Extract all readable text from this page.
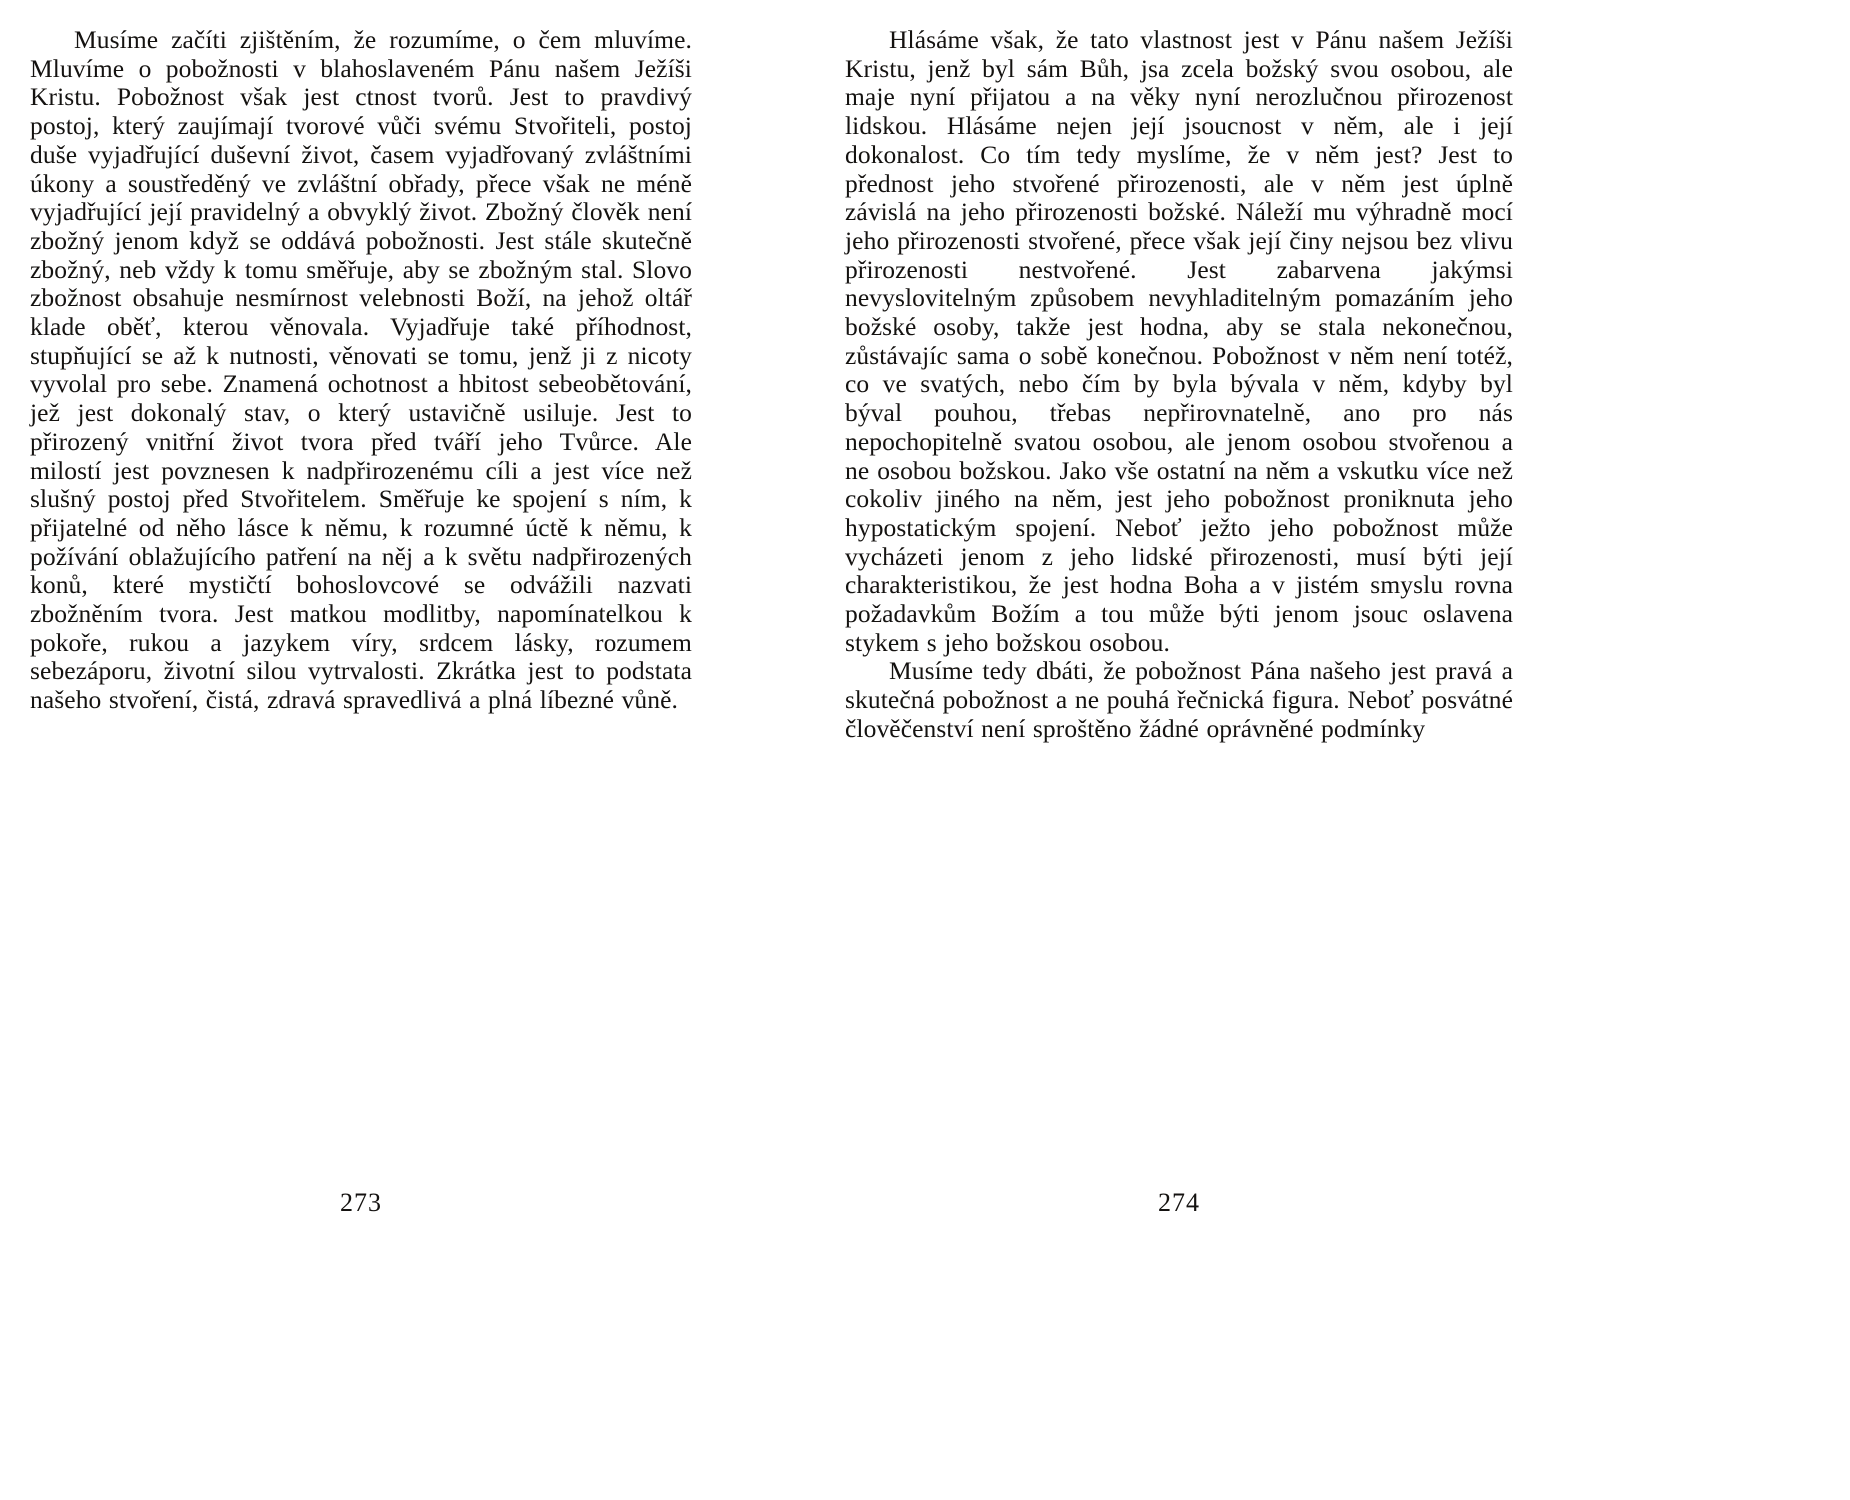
Musíme začíti zjištěním, že rozumíme, o čem mluvíme. Mluvíme o pobožnosti v blahoslaveném Pánu našem Ježíši Kristu. Pobožnost však jest ctnost tvorů. Jest to pravdivý postoj, který zaujímají tvorové vůči svému Stvořiteli, postoj duše vyjadřující duševní život, časem vyjadřovaný zvláštními úkony a soustředěný ve zvláštní obřady, přece však ne méně vyjadřující její pravidelný a obvyklý život. Zbožný člověk není zbožný jenom když se oddává pobožnosti. Jest stále skutečně zbožný, neb vždy k tomu směřuje, aby se zbožným stal. Slovo zbožnost obsahuje nesmírnost velebnosti Boží, na jehož oltář klade oběť, kterou věnovala. Vyjadřuje také příhodnost, stupňující se až k nutnosti, věnovati se tomu, jenž ji z nicoty vyvolal pro sebe. Znamená ochotnost a hbitost sebeobětování, jež jest dokonalý stav, o který ustavičně usiluje. Jest to přirozený vnitřní život tvora před tváří jeho Tvůrce. Ale milostí jest povznesen k nadpřirozenému cíli a jest více než slušný postoj před Stvořitelem. Směřuje ke spojení s ním, k přijatelné od něho lásce k němu, k rozumné úctě k němu, k požívání oblažujícího patření na něj a k světu nadpřirozených konů, které mystičtí bohoslovcové se odvážili nazvati zbožněním tvora. Jest matkou modlitby, napomínatelkou k pokoře, rukou a jazykem víry, srdcem lásky, rozumem sebezáporu, životní silou vytrvalosti. Zkrátka jest to podstata našeho stvoření, čistá, zdravá spravedlivá a plná líbezné vůně.

273

Hlásáme však, že tato vlastnost jest v Pánu našem Ježíši Kristu, jenž byl sám Bůh, jsa zcela božský svou osobou, ale maje nyní přijatou a na věky nyní nerozlučnou přirozenost lidskou. Hlásáme nejen její jsoucnost v něm, ale i její dokonalost. Co tím tedy myslíme, že v něm jest? Jest to přednost jeho stvořené přirozenosti, ale v něm jest úplně závislá na jeho přirozenosti božské. Náleží mu výhradně mocí jeho přirozenosti stvořené, přece však její činy nejsou bez vlivu přirozenosti nestvořené. Jest zabarvena jakýmsi nevyslovitelným způsobem nevyhladitelným pomazáním jeho božské osoby, takže jest hodna, aby se stala nekonečnou, zůstávajíc sama o sobě konečnou. Pobožnost v něm není totéž, co ve svatých, nebo čím by byla bývala v něm, kdyby byl býval pouhou, třebas nepřirovnatelně, ano pro nás nepochopitelně svatou osobou, ale jenom osobou stvořenou a ne osobou božskou. Jako vše ostatní na něm a vskutku více než cokoliv jiného na něm, jest jeho pobožnost proniknuta jeho hypostatickým spojení. Neboť ježto jeho pobožnost může vycházeti jenom z jeho lidské přirozenosti, musí býti její charakteristikou, že jest hodna Boha a v jistém smyslu rovna požadavkům Božím a tou může býti jenom jsouc oslavena stykem s jeho božskou osobou.

Musíme tedy dbáti, že pobožnost Pána našeho jest pravá a skutečná pobožnost a ne pouhá řečnická figura. Neboť posvátné člověčenství není sproštěno žádné oprávněné podmínky

274
